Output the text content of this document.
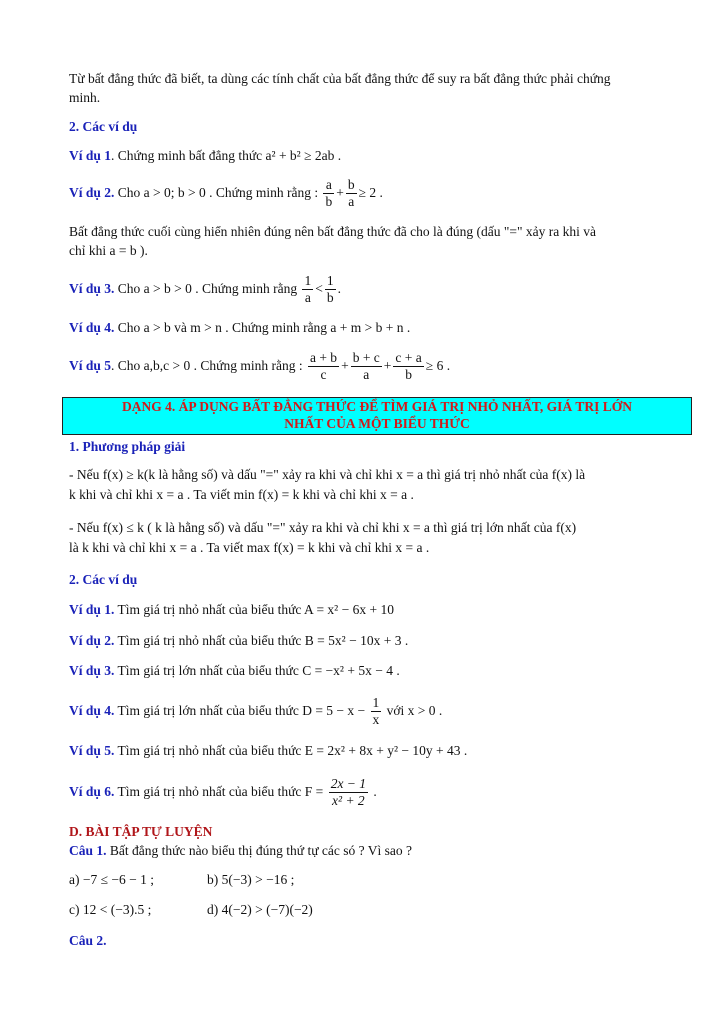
Từ bất đẳng thức đã biết, ta dùng các tính chất của bất đẳng thức để suy ra bất đẳng thức phải chứng
minh.
2. Các ví dụ
Ví dụ 1. Chứng minh bất đẳng thức a² + b² ≥ 2ab .
Ví dụ 2. Cho a > 0; b > 0 . Chứng minh rằng : $\frac{a}{b} + \frac{b}{a} \ge 2$ .
Bất đẳng thức cuối cùng hiển nhiên đúng nên bất đẳng thức đã cho là đúng (dấu "=" xảy ra khi và
chỉ khi a = b ).
Ví dụ 3. Cho a > b > 0 . Chứng minh rằng $\frac{1}{a} < \frac{1}{b}$ .
Ví dụ 4. Cho a > b và m > n . Chứng minh rằng a + m > b + n .
Ví dụ 5. Cho a,b,c > 0 . Chứng minh rằng : $\frac{a + b}{c} + \frac{b + c}{a} + \frac{c + a}{b} \ge 6$ .
DẠNG 4. ÁP DỤNG BẤT ĐẲNG THỨC ĐỂ TÌM GIÁ TRỊ NHỎ NHẤT, GIÁ TRỊ LỚN
NHẤT CỦA MỘT BIỂU THỨC
1. Phương pháp giải
- Nếu f(x) ≥ k(k là hằng số) và dấu "=" xảy ra khi và chỉ khi x = a thì giá trị nhỏ nhất của f(x) là
k khi và chỉ khi x = a . Ta viết min f(x) = k khi và chỉ khi x = a .
- Nếu f(x) ≤ k ( k là hằng số) và dấu "=" xảy ra khi và chỉ khi x = a thì giá trị lớn nhất của f(x)
là k khi và chỉ khi x = a . Ta viết max f(x) = k khi và chỉ khi x = a .
2. Các ví dụ
Ví dụ 1. Tìm giá trị nhỏ nhất của biểu thức A = x² − 6x + 10
Ví dụ 2. Tìm giá trị nhỏ nhất của biểu thức B = 5x² − 10x + 3 .
Ví dụ 3. Tìm giá trị lớn nhất của biểu thức C = −x² + 5x − 4 .
Ví dụ 4. Tìm giá trị lớn nhất của biểu thức $D = 5 - x - \frac{1}{x}$ với x > 0 .
Ví dụ 5. Tìm giá trị nhỏ nhất của biểu thức E = 2x² + 8x + y² − 10y + 43 .
Ví dụ 6. Tìm giá trị nhỏ nhất của biểu thức $F = \frac{2x - 1}{\text{x² + 2}}$ .
D. BÀI TẬP TỰ LUYỆN
Câu 1. Bất đẳng thức nào biểu thị đúng thứ tự các só ? Vì sao ?
a) −7 ≤ −6 − 1 ;	b) 5(−3) > −16 ;
c) 12 < (−3).5 ;	d) 4(−2) > (−7)(−2)
Câu 2.
